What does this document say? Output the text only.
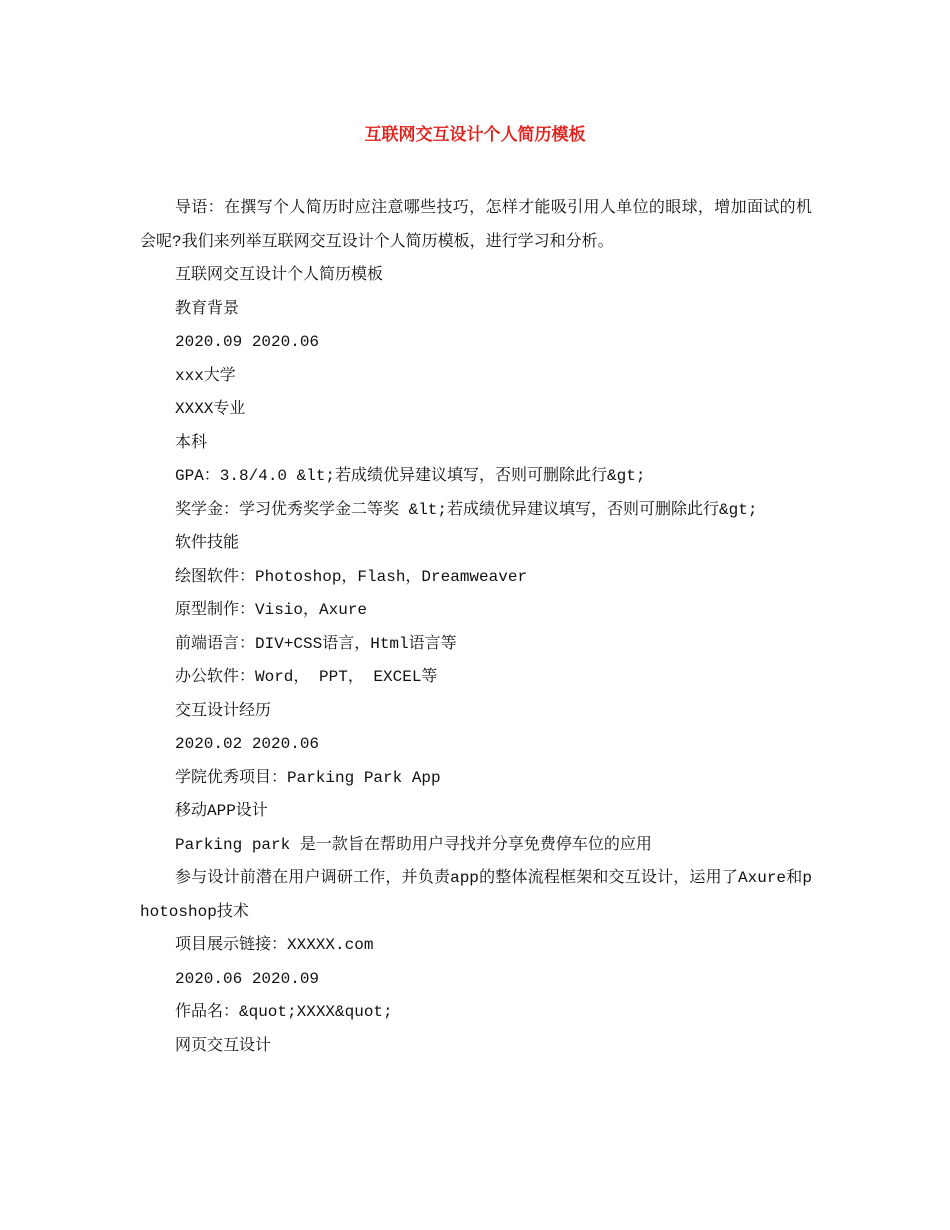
互联网交互设计个人简历模板

导语：在撰写个人简历时应注意哪些技巧，怎样才能吸引用人单位的眼球，增加面试的机会呢?我们来列举互联网交互设计个人简历模板，进行学习和分析。

互联网交互设计个人简历模板

教育背景

2020.09 2020.06

xxx大学

XXXX专业

本科

GPA：3.8/4.0 &lt;若成绩优异建议填写，否则可删除此行&gt;

奖学金：学习优秀奖学金二等奖 &lt;若成绩优异建议填写，否则可删除此行&gt;

软件技能

绘图软件：Photoshop，Flash，Dreamweaver

原型制作：Visio，Axure

前端语言：DIV+CSS语言，Html语言等

办公软件：Word， PPT， EXCEL等

交互设计经历

2020.02 2020.06

学院优秀项目：Parking Park App

移动APP设计

Parking park 是一款旨在帮助用户寻找并分享免费停车位的应用

参与设计前潜在用户调研工作，并负责app的整体流程框架和交互设计，运用了Axure和photoshop技术

项目展示链接：XXXXX.com

2020.06 2020.09

作品名：&quot;XXXX&quot;

网页交互设计
